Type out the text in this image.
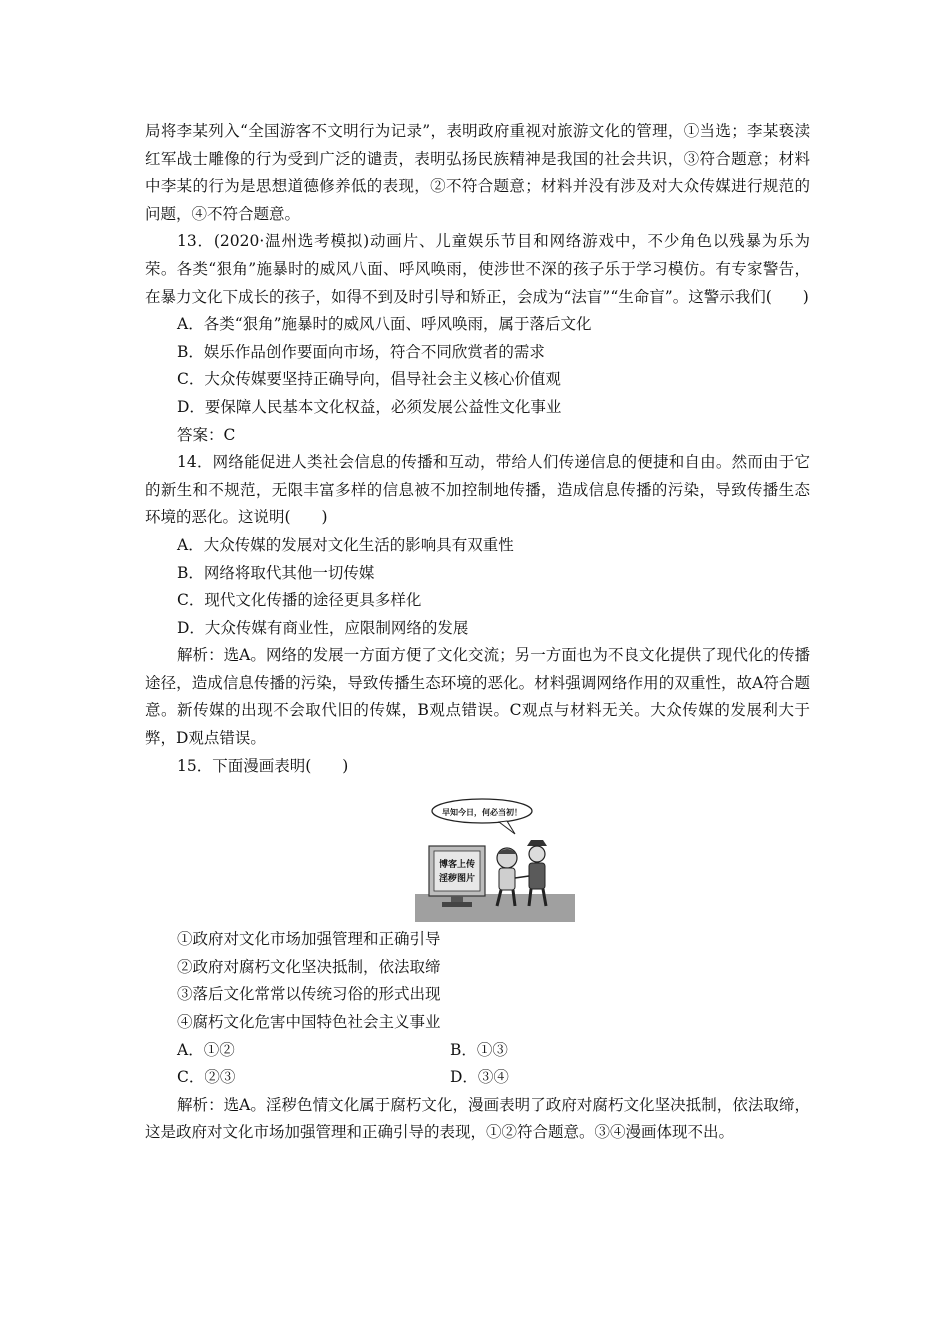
局将李某列入“全国游客不文明行为记录”，表明政府重视对旅游文化的管理，①当选；李某亵渎红军战士雕像的行为受到广泛的谴责，表明弘扬民族精神是我国的社会共识，③符合题意；材料中李某的行为是思想道德修养低的表现，②不符合题意；材料并没有涉及对大众传媒进行规范的问题，④不符合题意。

13．(2020·温州选考模拟)动画片、儿童娱乐节目和网络游戏中，不少角色以残暴为乐为荣。各类“狠角”施暴时的威风八面、呼风唤雨，使涉世不深的孩子乐于学习模仿。有专家警告，在暴力文化下成长的孩子，如得不到及时引导和矫正，会成为“法盲”“生命盲”。这警示我们(　　)

A．各类“狠角”施暴时的威风八面、呼风唤雨，属于落后文化

B．娱乐作品创作要面向市场，符合不同欣赏者的需求

C．大众传媒要坚持正确导向，倡导社会主义核心价值观

D．要保障人民基本文化权益，必须发展公益性文化事业

答案：C

14．网络能促进人类社会信息的传播和互动，带给人们传递信息的便捷和自由。然而由于它的新生和不规范，无限丰富多样的信息被不加控制地传播，造成信息传播的污染，导致传播生态环境的恶化。这说明(　　)

A．大众传媒的发展对文化生活的影响具有双重性

B．网络将取代其他一切传媒

C．现代文化传播的途径更具多样化

D．大众传媒有商业性，应限制网络的发展

解析：选A。网络的发展一方面方便了文化交流；另一方面也为不良文化提供了现代化的传播途径，造成信息传播的污染，导致传播生态环境的恶化。材料强调网络作用的双重性，故A符合题意。新传媒的出现不会取代旧的传媒，B观点错误。C观点与材料无关。大众传媒的发展利大于弊，D观点错误。

15．下面漫画表明(　　)

早知今日，何必当初！
博客上传
淫秽图片

①政府对文化市场加强管理和正确引导

②政府对腐朽文化坚决抵制，依法取缔

③落后文化常常以传统习俗的形式出现

④腐朽文化危害中国特色社会主义事业

A．①②	B．①③
C．②③	D．③④

解析：选A。淫秽色情文化属于腐朽文化，漫画表明了政府对腐朽文化坚决抵制，依法取缔，这是政府对文化市场加强管理和正确引导的表现，①②符合题意。③④漫画体现不出。
